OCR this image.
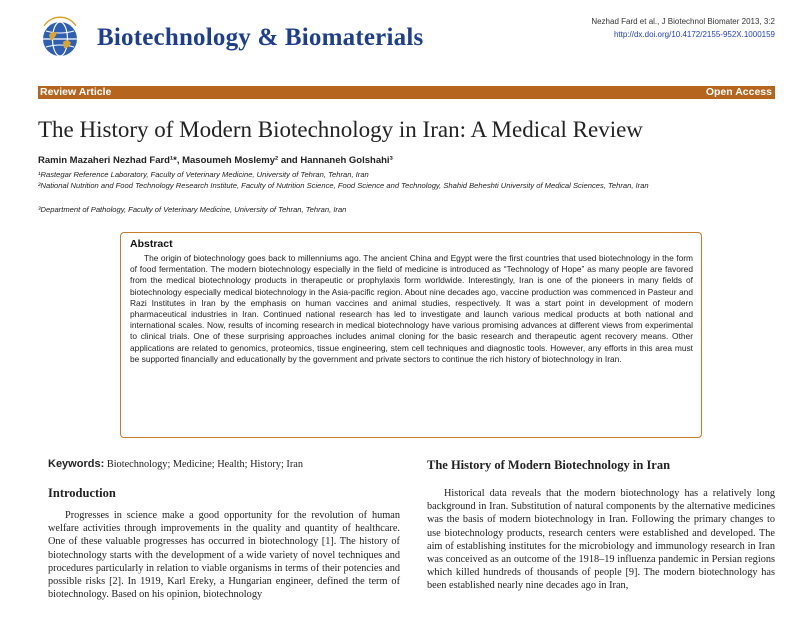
Biotechnology & Biomaterials
Nezhad Fard et al., J Biotechnol Biomater 2013, 3:2
http://dx.doi.org/10.4172/2155-952X.1000159
Review Article	Open Access
The History of Modern Biotechnology in Iran: A Medical Review
Ramin Mazaheri Nezhad Fard¹*, Masoumeh Moslemy² and Hannaneh Golshahi³
¹Rastegar Reference Laboratory, Faculty of Veterinary Medicine, University of Tehran, Tehran, Iran
²National Nutrition and Food Technology Research Institute, Faculty of Nutrition Science, Food Science and Technology, Shahid Beheshti University of Medical Sciences, Tehran, Iran
³Department of Pathology, Faculty of Veterinary Medicine, University of Tehran, Tehran, Iran
Abstract

The origin of biotechnology goes back to millenniums ago. The ancient China and Egypt were the first countries that used biotechnology in the form of food fermentation. The modern biotechnology especially in the field of medicine is introduced as “Technology of Hope” as many people are favored from the medical biotechnology products in therapeutic or prophylaxis form worldwide. Interestingly, Iran is one of the pioneers in many fields of biotechnology especially medical biotechnology in the Asia-pacific region. About nine decades ago, vaccine production was commenced in Pasteur and Razi Institutes in Iran by the emphasis on human vaccines and animal studies, respectively. It was a start point in development of modern pharmaceutical industries in Iran. Continued national research has led to investigate and launch various medical products at both national and international scales. Now, results of incoming research in medical biotechnology have various promising advances at different views from experimental to clinical trials. One of these surprising approaches includes animal cloning for the basic research and therapeutic agent recovery means. Other applications are related to genomics, proteomics, tissue engineering, stem cell techniques and diagnostic tools. However, any efforts in this area must be supported financially and educationally by the government and private sectors to continue the rich history of biotechnology in Iran.

Keywords: Biotechnology; Medicine; Health; History; Iran
Introduction

Progresses in science make a good opportunity for the revolution of human welfare activities through improvements in the quality and quantity of healthcare. One of these valuable progresses has occurred in biotechnology [1]. The history of biotechnology starts with the development of a wide variety of novel techniques and procedures particularly in relation to viable organisms in terms of their potencies and possible risks [2]. In 1919, Karl Ereky, a Hungarian engineer, defined the term of biotechnology. Based on his opinion, biotechnology

The History of Modern Biotechnology in Iran

Historical data reveals that the modern biotechnology has a relatively long background in Iran. Substitution of natural components by the alternative medicines was the basis of modern biotechnology in Iran. Following the primary changes to use biotechnology products, research centers were established and developed. The aim of establishing institutes for the microbiology and immunology research in Iran was conceived as an outcome of the 1918–19 influenza pandemic in Persian regions which killed hundreds of thousands of people [9]. The modern biotechnology has been established nearly nine decades ago in Iran,
